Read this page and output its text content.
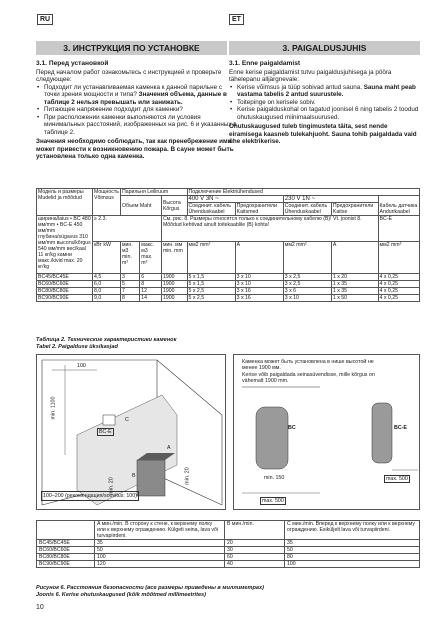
RU	ET
3. ИНСТРУКЦИЯ ПО УСТАНОВКЕ	3. PAIGALDUSJUHIS
3.1. Перед установкой

Перед началом работ ознакомьтесь с инструкцией и проверьте следующее:

• Подходит ли устанавливаемая каменка к данной парильне с точки зрения мощности и типа? Значения объема, данные в таблице 2 нельзя превышать или занижать.
• Питающее напряжение подходит для каменки?
• При расположении каменки выполняются ли условия минимальных расстояний, изображенных на рис. 6 и указанных в таблице 2.

Значения необходимо соблюдать, так как пренебрежение ими может привести к возникновению пожара. В сауне может быть установлена только одна каменка.

3.1. Enne paigaldamist

Enne kerise paigaldamist tutvu paigaldusjuhisega ja pööra tähelepanu alljärgnevale:

• Kerise võimsus ja tüüp sobivad antud sauna. Sauna maht peab vastama tabelis 2 antud suurustele.
• Toitepinge on kerisele sobiv.
• Kerise paigalduskohal on tagatud joonisel 6 ning tabelis 2 toodud ohutuskaugused miinimaalsuurused.

Ohutuskaugused tuleb tingimusteta täita, sest nende eiramisega kaasneb tulekahjuoht. Sauna tohib paigaldada vaid ühe elektrikerise.

Модель и размеры Mudelid ja mõõdud	Мощность Võimsus	Парильня Leiliruum			Подключение Elektriühendused				
		Объем Maht		Высота Kõrgus	400 V 3N ~		230 V 1N ~		Кабель датчика Andurikaabel
					Соединит. кабель Ühenduskaabel	Предохранители Kaitsmed	Соединит. кабель Ühenduskaabel	Предохранители Kaitse	
ширина/laius • BC 480 мм/mm • BC-E 450 мм/mm глубина/sügavus 310 мм/mm высота/kõrgus 540 мм/mm вес/kaal 11 кг/kg камни макс./kivid max. 20 кг/kg	≥ 2.3.			См. рис. 8. Размеры относятся только к соединительному кабелю (B)! Vt. joonist 8. Mõõdud kehtivad ainult toitekaablile (B) kohta!					BC-E
	кВт kW	мин. м3 min. m³	макс. м3 max. m³	мин. мм min. mm	мм2 mm²	A	мм2 mm²	A	мм2 mm²
BC45/BC45E	4,5	3	6	1900	5 x 1,5	3 x 10	3 x 2,5	1 x 20	4 x 0,25
BC60/BC60E	6,0	5	8	1900	5 x 1,5	3 x 10	3 x 2,5	1 x 35	4 x 0,25
BC80/BC80E	8,0	7	12	1900	5 x 2,5	3 x 16	3 x 6	1 x 35	4 x 0,25
BC90/BC90E	9,0	8	14	1900	5 x 2,5	3 x 16	3 x 10	1 x 50	4 x 0,25
Таблица 2. Технические характеристики каменок
Tabel 2. Paigalduse üksikasjad
100
min. 1100
BC-E
C
A
B	min. 20
min. 20
100–200 (рекомендация/soovitus: 100)

Каменка может быть установлена в нише высотой не менее 1900 мм.

Kerise võib paigaldada seinasüvendisse, mille kõrgus on vähemalt 1900 mm.

BC	BC-E
min. 150
max. 500
max. 500
	A мин./min. В сторону к стене, к верхнему полку или к верхнему ограждению. Külgeti seina, lava või turvapiirdeni.	B мин./min.	C мин./min. Вперед к верхнему полку или к верхнему ограждению. Esiküljelt lava või turvapiirdeni.
BC45/BC45E	35	20	35
BC60/BC60E	50	30	50
BC80/BC80E	100	60	80
BC90/BC90E	120	40	100
Рисунок 6. Расстояния безопасности (все размеры приведены в миллиметрах)
Joonis 6. Kerise ohutuskaugused (kõik mõõtmed millimeetrites)
10
